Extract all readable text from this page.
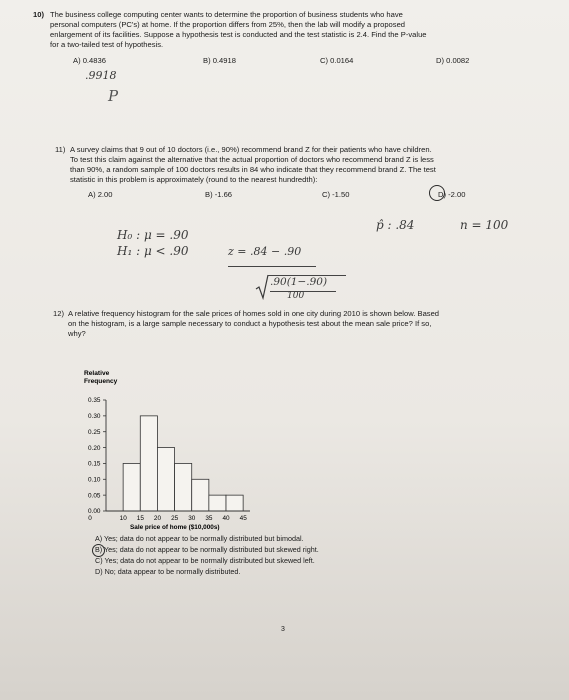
10) The business college computing center wants to determine the proportion of business students who have
personal computers (PC's) at home. If the proportion differs from 25%, then the lab will modify a proposed
enlargement of its facilities. Suppose a hypothesis test is conducted and the test statistic is 2.4. Find the P-value
for a two-tailed test of hypothesis.
A) 0.4836	B) 0.4918	C) 0.0164	D) 0.0082
.9918
P
11) A survey claims that 9 out of 10 doctors (i.e., 90%) recommend brand Z for their patients who have children.
To test this claim against the alternative that the actual proportion of doctors who recommend brand Z is less
than 90%, a random sample of 100 doctors results in 84 who indicate that they recommend brand Z. The test
statistic in this problem is approximately (round to the nearest hundredth):
A) 2.00	B) -1.66	C) -1.50	D) -2.00
H₀ : μ = .90
H₁ : μ < .90
p̂ : .84	n = 100
z = .84 − .90
.90(1−.90)
100
12) A relative frequency histogram for the sale prices of homes sold in one city during 2010 is shown below. Based
on the histogram, is a large sample necessary to conduct a hypothesis test about the mean sale price? If so,
why?
Relative
Frequency
0.35
0.30
0.25
0.20
0.15
0.10
0.05
0.00
0	10 15 20 25 30 35 40 45
Sale price of home ($10,000s)
A) Yes; data do not appear to be normally distributed but bimodal.
B) Yes; data do not appear to be normally distributed but skewed right.
C) Yes; data do not appear to be normally distributed but skewed left.
D) No; data appear to be normally distributed.
3
